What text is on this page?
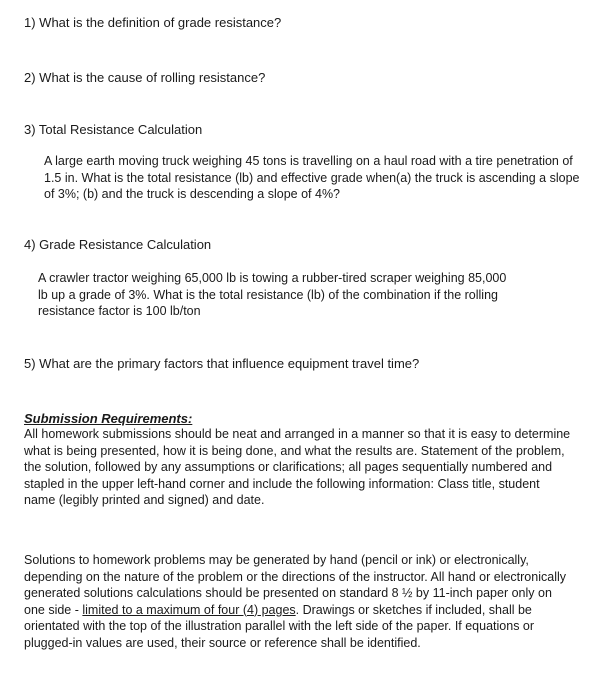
1) What is the definition of grade resistance?
2) What is the cause of rolling resistance?
3) Total Resistance Calculation

A large earth moving truck weighing 45 tons is travelling on a haul road with a tire penetration of 1.5 in. What is the total resistance (lb) and effective grade when(a) the truck is ascending a slope of 3%; (b) and the truck is descending a slope of 4%?

4) Grade Resistance Calculation

A crawler tractor weighing 65,000 lb is towing a rubber-tired scraper weighing 85,000 lb up a grade of 3%. What is the total resistance (lb) of the combination if the rolling resistance factor is 100 lb/ton

5) What are the primary factors that influence equipment travel time?
Submission Requirements:

All homework submissions should be neat and arranged in a manner so that it is easy to determine what is being presented, how it is being done, and what the results are. Statement of the problem, the solution, followed by any assumptions or clarifications; all pages sequentially numbered and stapled in the upper left-hand corner and include the following information: Class title, student name (legibly printed and signed) and date.

Solutions to homework problems may be generated by hand (pencil or ink) or electronically, depending on the nature of the problem or the directions of the instructor. All hand or electronically generated solutions calculations should be presented on standard 8 ½ by 11-inch paper only on one side - limited to a maximum of four (4) pages. Drawings or sketches if included, shall be orientated with the top of the illustration parallel with the left side of the paper. If equations or plugged-in values are used, their source or reference shall be identified.
